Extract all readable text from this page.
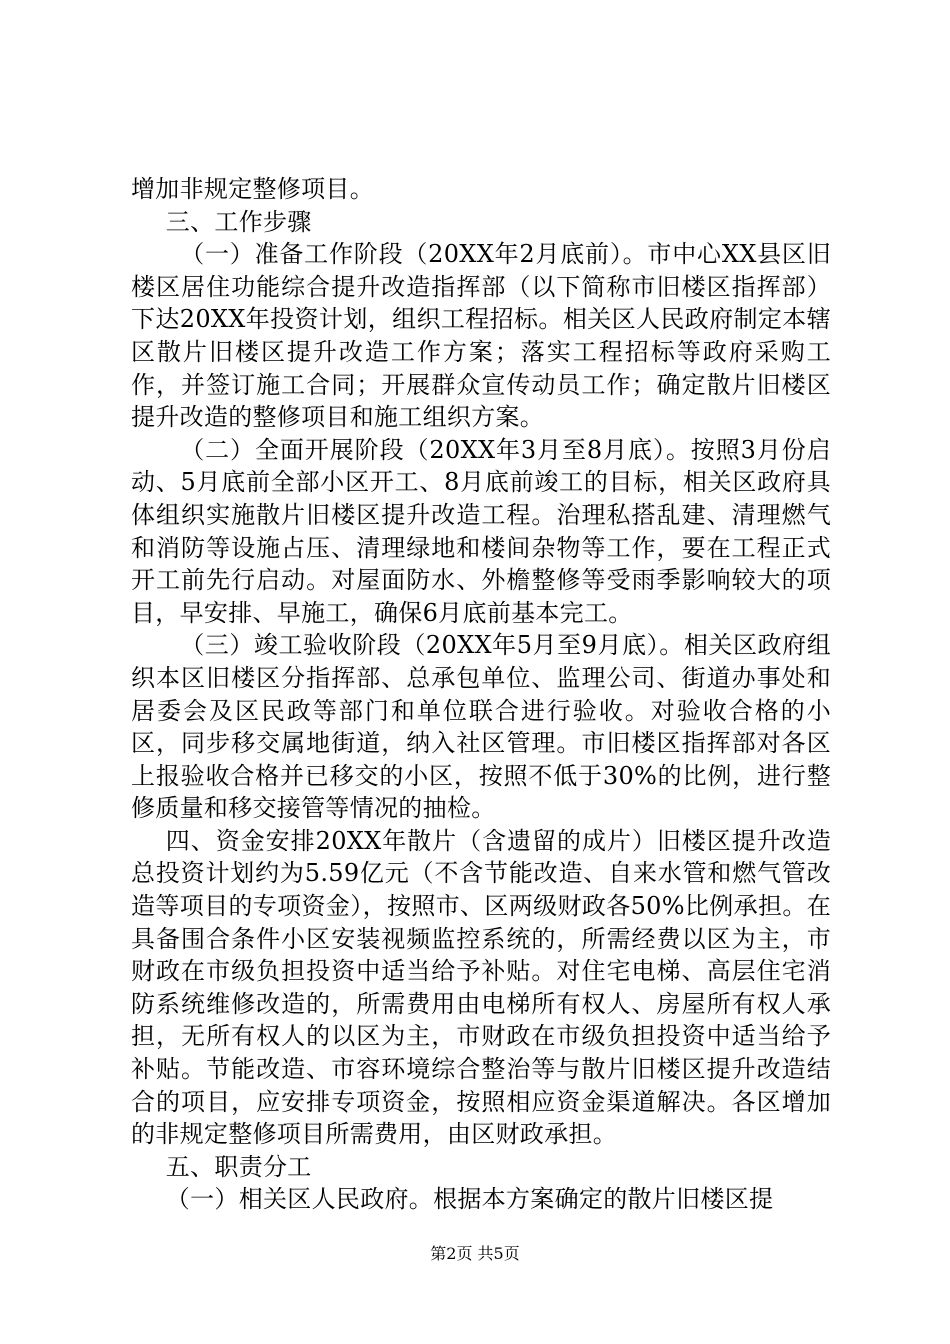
增加非规定整修项目。

三、工作步骤

（一）准备工作阶段（20XX年2月底前）。市中心XX县区旧楼区居住功能综合提升改造指挥部（以下简称市旧楼区指挥部）下达20XX年投资计划，组织工程招标。相关区人民政府制定本辖区散片旧楼区提升改造工作方案；落实工程招标等政府采购工作，并签订施工合同；开展群众宣传动员工作；确定散片旧楼区提升改造的整修项目和施工组织方案。

（二）全面开展阶段（20XX年3月至8月底）。按照3月份启动、5月底前全部小区开工、8月底前竣工的目标，相关区政府具体组织实施散片旧楼区提升改造工程。治理私搭乱建、清理燃气和消防等设施占压、清理绿地和楼间杂物等工作，要在工程正式开工前先行启动。对屋面防水、外檐整修等受雨季影响较大的项目，早安排、早施工，确保6月底前基本完工。

（三）竣工验收阶段（20XX年5月至9月底）。相关区政府组织本区旧楼区分指挥部、总承包单位、监理公司、街道办事处和居委会及区民政等部门和单位联合进行验收。对验收合格的小区，同步移交属地街道，纳入社区管理。市旧楼区指挥部对各区上报验收合格并已移交的小区，按照不低于30%的比例，进行整修质量和移交接管等情况的抽检。

四、资金安排20XX年散片（含遗留的成片）旧楼区提升改造总投资计划约为5.59亿元（不含节能改造、自来水管和燃气管改造等项目的专项资金），按照市、区两级财政各50%比例承担。在具备围合条件小区安装视频监控系统的，所需经费以区为主，市财政在市级负担投资中适当给予补贴。对住宅电梯、高层住宅消防系统维修改造的，所需费用由电梯所有权人、房屋所有权人承担，无所有权人的以区为主，市财政在市级负担投资中适当给予补贴。节能改造、市容环境综合整治等与散片旧楼区提升改造结合的项目，应安排专项资金，按照相应资金渠道解决。各区增加的非规定整修项目所需费用，由区财政承担。

五、职责分工

（一）相关区人民政府。根据本方案确定的散片旧楼区提

第2页 共5页
